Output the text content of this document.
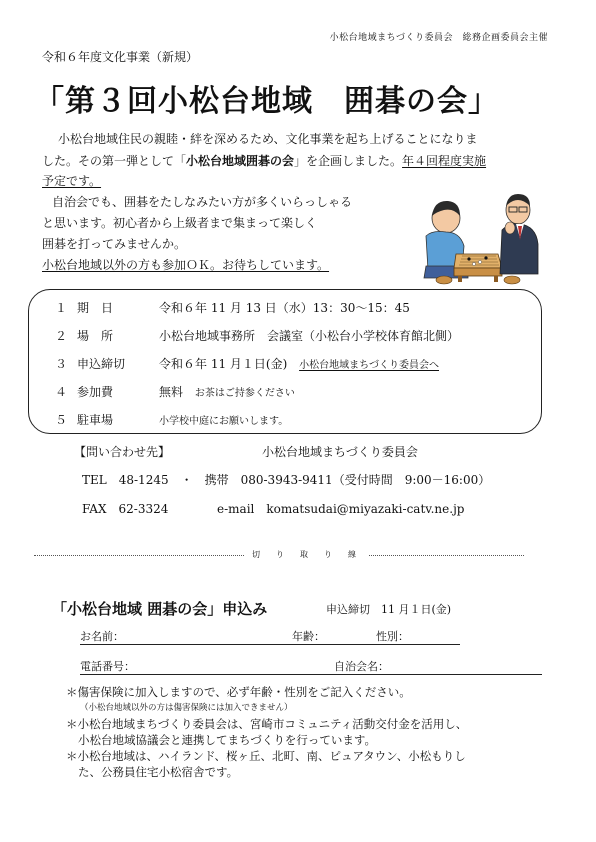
小松台地域まちづくり委員会　総務企画委員会主催
令和６年度文化事業（新規）
「第３回小松台地域　囲碁の会」
小松台地域住民の親睦・絆を深めるため、文化事業を起ち上げることになりま
した。その第一弾として「小松台地域囲碁の会」を企画しました。年４回程度実施
予定です。
自治会でも、囲碁をたしなみたい方が多くいらっしゃる
と思います。初心者から上級者まで集まって楽しく
囲碁を打ってみませんか。
小松台地域以外の方も参加ＯＫ。お待ちしています。
１ 期　日	令和６年 11 月 13 日（水）13：30～15：45
２ 場　所	小松台地域事務所　会議室（小松台小学校体育館北側）
３ 申込締切	令和６年 11 月１日(金) 小松台地域まちづくり委員会へ
４ 参加費	無料 お茶はご持参ください
５ 駐車場	小学校中庭にお願いします。
【問い合わせ先】	小松台地域まちづくり委員会
TEL　48-1245　・　携帯　080-3943-9411（受付時間　9:00－16:00）
FAX　62-3324	e-mail　komatsudai@miyazaki-catv.ne.jp
切　り　取　り　線
「小松台地域 囲碁の会」申込み	申込締切　11 月１日(金)
お名前：	年齢：	性別：
電話番号：	自治会名：
＊傷害保険に加入しますので、必ず年齢・性別をご記入ください。
（小松台地域以外の方は傷害保険には加入できません）
＊小松台地域まちづくり委員会は、宮崎市コミュニティ活動交付金を活用し、
小松台地域協議会と連携してまちづくりを行っています。
＊小松台地域は、ハイランド、桜ヶ丘、北町、南、ピュアタウン、小松もりし
た、公務員住宅小松宿舎です。
